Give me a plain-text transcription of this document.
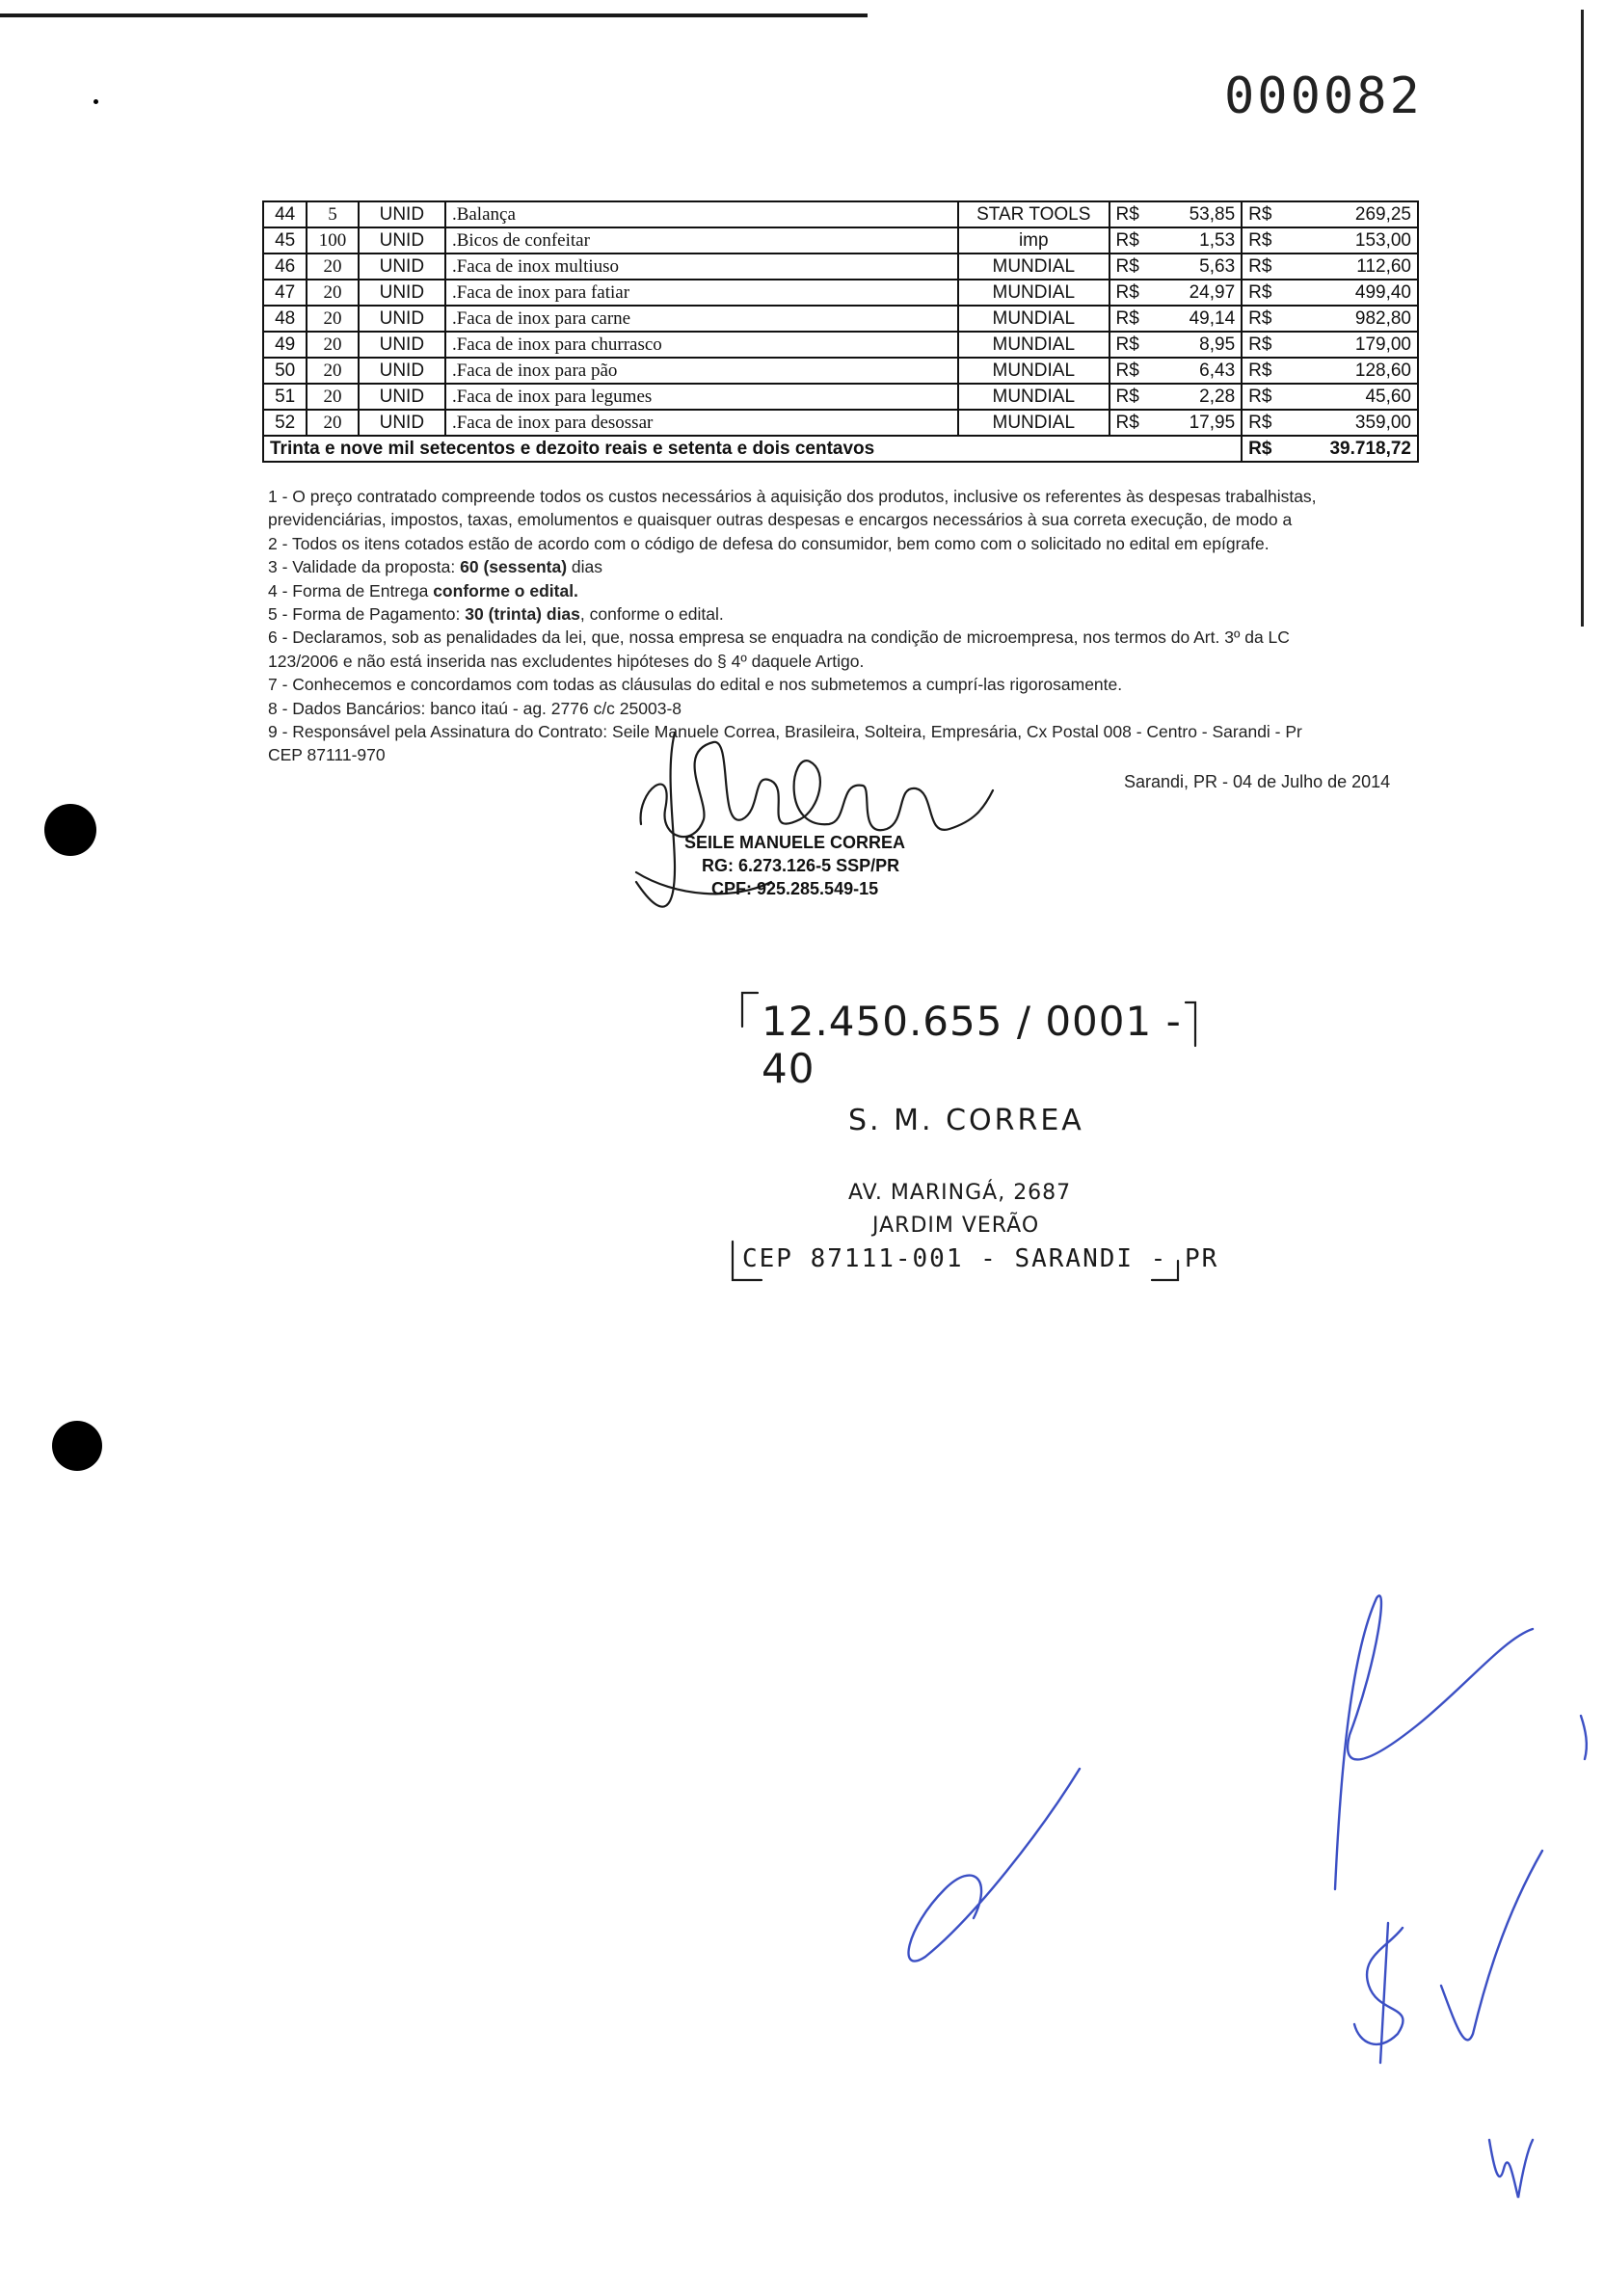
000082
44	5	UNID	.Balança	STAR TOOLS	R$	53,85	R$	269,25
45	100	UNID	.Bicos de confeitar	imp	R$	1,53	R$	153,00
46	20	UNID	.Faca de inox multiuso	MUNDIAL	R$	5,63	R$	112,60
47	20	UNID	.Faca de inox para fatiar	MUNDIAL	R$	24,97	R$	499,40
48	20	UNID	.Faca de inox para carne	MUNDIAL	R$	49,14	R$	982,80
49	20	UNID	.Faca de inox para churrasco	MUNDIAL	R$	8,95	R$	179,00
50	20	UNID	.Faca de inox para pão	MUNDIAL	R$	6,43	R$	128,60
51	20	UNID	.Faca de inox para legumes	MUNDIAL	R$	2,28	R$	45,60
52	20	UNID	.Faca de inox para desossar	MUNDIAL	R$	17,95	R$	359,00
Trinta e nove mil setecentos e dezoito reais e setenta e dois centavos							R$	39.718,72

1 - O preço contratado compreende todos os custos necessários à aquisição dos produtos, inclusive os referentes às despesas trabalhistas,

previdenciárias, impostos, taxas, emolumentos e quaisquer outras despesas e encargos necessários à sua correta execução, de modo a

2 - Todos os itens cotados estão de acordo com o código de defesa do consumidor, bem como com o solicitado no edital em epígrafe.

3 - Validade da proposta: 60 (sessenta) dias

4 - Forma de Entrega conforme o edital.

5 - Forma de Pagamento: 30 (trinta) dias, conforme o edital.

6 - Declaramos, sob as penalidades da lei, que, nossa empresa se enquadra na condição de microempresa, nos termos do Art. 3º da LC

123/2006 e não está inserida nas excludentes hipóteses do § 4º daquele Artigo.

7 - Conhecemos e concordamos com todas as cláusulas do edital e nos submetemos a cumprí-las rigorosamente.

8 - Dados Bancários: banco itaú - ag. 2776 c/c 25003-8

9 - Responsável pela Assinatura do Contrato: Seile Manuele Correa, Brasileira, Solteira, Empresária, Cx Postal 008 - Centro - Sarandi - Pr

CEP 87111-970

Sarandi, PR - 04 de Julho de 2014
SEILE MANUELE CORREA
RG: 6.273.126-5 SSP/PR
CPF: 925.285.549-15
12.450.655 / 0001 - 40
S. M. CORREA
AV. MARINGÁ, 2687
JARDIM VERÃO
CEP 87111-001 - SARANDI - PR
